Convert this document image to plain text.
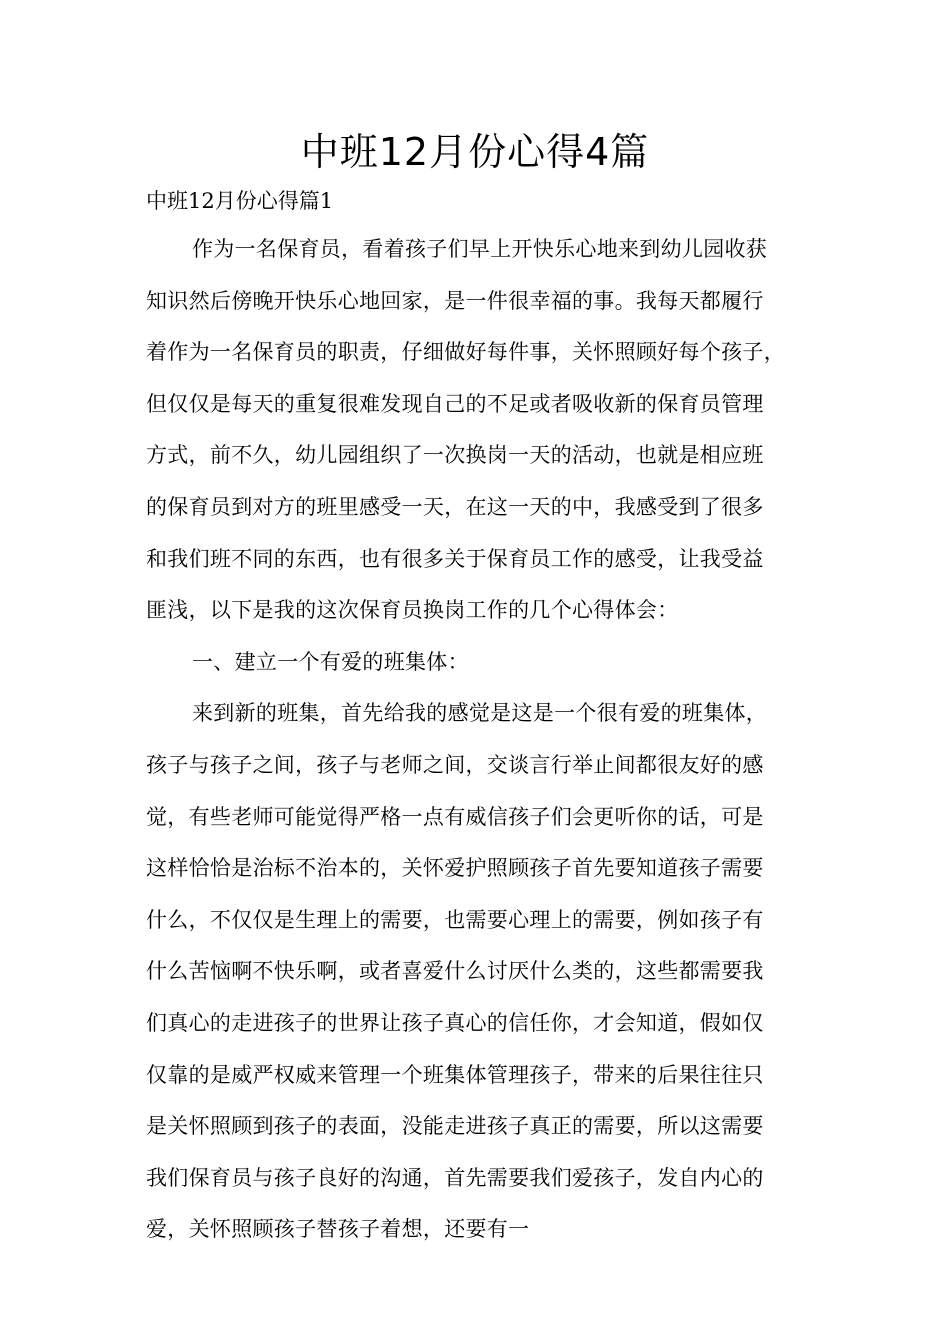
中班12月份心得4篇
中班12月份心得篇1
作为一名保育员，看着孩子们早上开快乐心地来到幼儿园收获
知识然后傍晚开快乐心地回家，是一件很幸福的事。我每天都履行
着作为一名保育员的职责，仔细做好每件事，关怀照顾好每个孩子，
但仅仅是每天的重复很难发现自己的不足或者吸收新的保育员管理
方式，前不久，幼儿园组织了一次换岗一天的活动，也就是相应班
的保育员到对方的班里感受一天，在这一天的中，我感受到了很多
和我们班不同的东西，也有很多关于保育员工作的感受，让我受益
匪浅，以下是我的这次保育员换岗工作的几个心得体会：
一、建立一个有爱的班集体：
来到新的班集，首先给我的感觉是这是一个很有爱的班集体，
孩子与孩子之间，孩子与老师之间，交谈言行举止间都很友好的感
觉，有些老师可能觉得严格一点有威信孩子们会更听你的话，可是
这样恰恰是治标不治本的，关怀爱护照顾孩子首先要知道孩子需要
什么，不仅仅是生理上的需要，也需要心理上的需要，例如孩子有
什么苦恼啊不快乐啊，或者喜爱什么讨厌什么类的，这些都需要我
们真心的走进孩子的世界让孩子真心的信任你，才会知道，假如仅
仅靠的是威严权威来管理一个班集体管理孩子，带来的后果往往只
是关怀照顾到孩子的表面，没能走进孩子真正的需要，所以这需要
我们保育员与孩子良好的沟通，首先需要我们爱孩子，发自内心的
爱，关怀照顾孩子替孩子着想，还要有一
